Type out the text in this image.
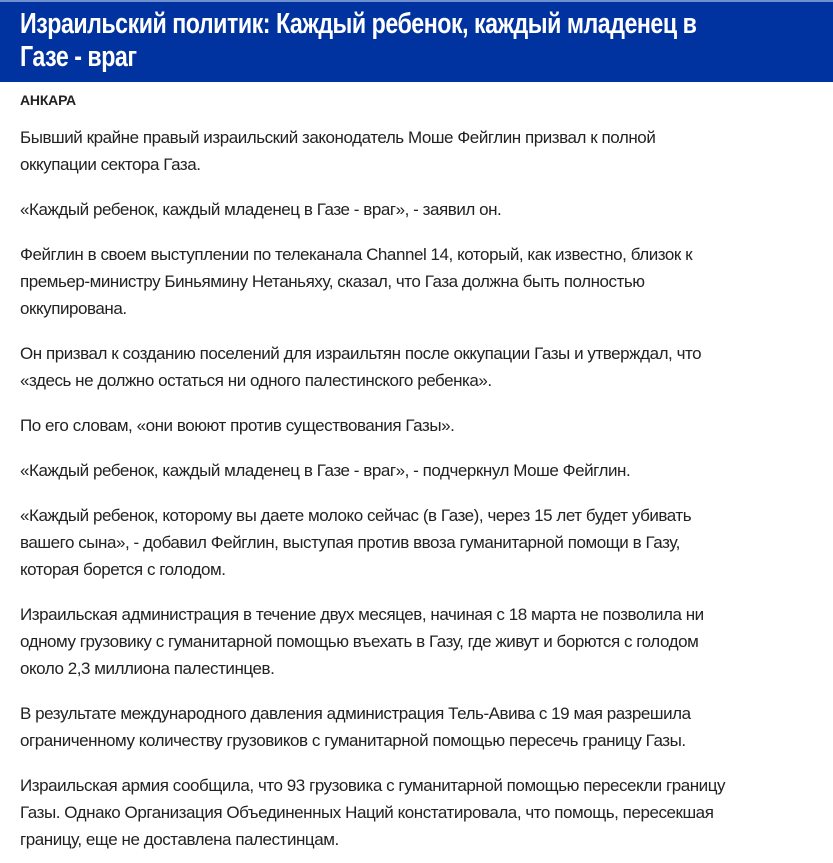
Израильский политик: Каждый ребенок, каждый младенец в
Газе - враг
АНКАРА

Бывший крайне правый израильский законодатель Моше Фейглин призвал к полной
оккупации сектора Газа.

«Каждый ребенок, каждый младенец в Газе - враг», - заявил он.

Фейглин в своем выступлении по телеканала Channel 14, который, как известно, близок к
премьер-министру Биньямину Нетаньяху, сказал, что Газа должна быть полностью
оккупирована.

Он призвал к созданию поселений для израильтян после оккупации Газы и утверждал, что
«здесь не должно остаться ни одного палестинского ребенка».

По его словам, «они воюют против существования Газы».

«Каждый ребенок, каждый младенец в Газе - враг», - подчеркнул Моше Фейглин.

«Каждый ребенок, которому вы даете молоко сейчас (в Газе), через 15 лет будет убивать
вашего сына», - добавил Фейглин, выступая против ввоза гуманитарной помощи в Газу,
которая борется с голодом.

Израильская администрация в течение двух месяцев, начиная с 18 марта не позволила ни
одному грузовику с гуманитарной помощью въехать в Газу, где живут и борются с голодом
около 2,3 миллиона палестинцев.

В результате международного давления администрация Тель-Авива с 19 мая разрешила
ограниченному количеству грузовиков с гуманитарной помощью пересечь границу Газы.

Израильская армия сообщила, что 93 грузовика с гуманитарной помощью пересекли границу
Газы. Однако Организация Объединенных Наций констатировала, что помощь, пересекшая
границу, еще не доставлена палестинцам.
